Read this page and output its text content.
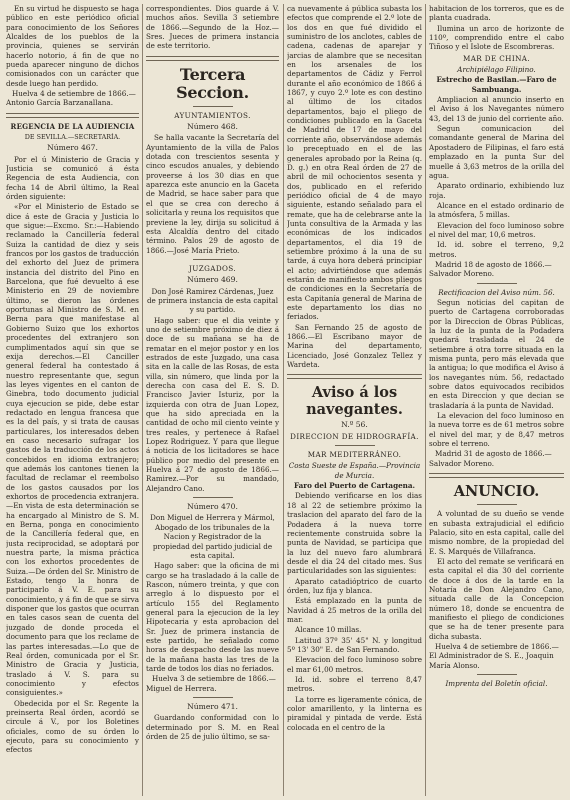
En su virtud he dispuesto se haga público en este periódico oficial para conocimiento de los Señores Alcaldes de los pueblos de la provincia, quienes se servirán hacerlo notorio, á fin de que no pueda aparecer ninguno de dichos comisionados con un carácter que desde luego han perdido.

Huelva 4 de setiembre de 1866.—Antonio García Barzanallana.

REGENCIA DE LA AUDIENCIA
DE SEVILLA.—SECRETARÍA.
Número 467.

Por el ú Ministerio de Gracia y Justicia se comunicó á ésta Regencia de esta Audiencia, con fecha 14 de Abril último, la Real órden siguiente:

«Por el Ministerio de Estado se dice á este de Gracia y Justicia lo que sigue:—Excmo. Sr.:—Habiendo reclamado la Cancillería federal Suiza la cantidad de diez y seis francos por los gastos de traducción del exhorto del Juez de primera instancia del distrito del Pino en Barcelona, que fué devuelto á ese Ministerio en 29 de noviembre último, se dieron las órdenes oportunas al Ministro de S. M. en Berna para que manifestase al Gobierno Suizo que los exhortos procedentes del extranjero son cumplimentados aquí sin que se exija derechos.—El Canciller general federal ha contestado á nuestro representante que, segun las leyes vigentes en el canton de Ginebra, todo documento judicial cuya ejecucion se pide, debe estar redactado en lengua francesa que es la del país, y si trata de causas particulares, los interesados deben en caso necesario sufragar los gastos de la traducción de los actos concebidos en idioma extranjero; que además los cantones tienen la facultad de reclamar el reembolso de los gastos causados por los exhortos de procedencia extranjera.—En vista de esta determinación se ha encargado al Ministro de S. M. en Berna, ponga en conocimiento de la Cancillería federal que, en justa reciprocidad, se adoptará por nuestra parte, la misma práctica con los exhortos procedentes de Suiza.—De órden del Sr. Ministro de Estado, tengo la honra de participarlo á V. E. para su conocimiento, y á fin de que se sirva disponer que los gastos que ocurran en tales casos sean de cuenta del juzgado de donde proceda el documento para que los reclame de las partes interesadas.—Lo que de Real órden, comunicada por el Sr. Ministro de Gracia y Justicia, traslado á V. S. para su conocimiento y efectos consiguientes.»

Obedecida por el Sr. Regente la preinserta Real órden, acordó se circule á V., por los Boletines oficiales, como de su órden lo ejecuto, para su conocimiento y efectos

correspondientes. Dios guarde á V. muchos años. Sevilla 3 setiembre de 1866.—Segundo de la Hoz.—Sres. Jueces de primera instancia de este territorio.

Tercera Seccion.
AYUNTAMIENTOS.
Número 468.

Se halla vacante la Secretaría del Ayuntamiento de la villa de Palos dotada con trescientos sesenta y cinco escudos anuales, y debiendo proveerse á los 30 dias en que aparezca este anuncio en la Gaceta de Madrid, se hace saber para que el que se crea con derecho á solicitarla y reuna los requisitos que previene la ley, dirija su solicitud á esta Alcaldía dentro del citado término. Palos 29 de agosto de 1866.—José María Prieto.

JUZGADOS.
Número 469.

Don José Ramirez Cárdenas, Juez de primera instancia de esta capital y su partido.

Hago saber: que el dia veinte y uno de setiembre próximo de diez á doce de su mañana se ha de rematar en el mejor postor y en los estrados de este Juzgado, una casa sita en la calle de las Rosas, de esta villa, sin número, que linda por la derecha con casa del E. S. D. Francisco Javier Isturiz, por la izquierda con otra de Juan Lopez, que ha sido apreciada en la cantidad de ocho mil ciento veinte y tres reales, y pertenece á Rafael Lopez Rodriguez. Y para que llegue á noticia de los licitadores se hace público por medio del presente en Huelva á 27 de agosto de 1866.—Ramirez.—Por su mandado, Alejandro Cano.

Número 470.

Don Miguel de Herrera y Mármol, Abogado de los tribunales de la Nacion y Registrador de la propiedad del partido judicial de esta capital.

Hago saber: que la oficina de mi cargo se ha trasladado á la calle de Rascon, número treinta, y que con arreglo á lo dispuesto por el artículo 155 del Reglamento general para la ejecucion de la ley Hipotecaria y esta aprobacion del Sr. Juez de primera instancia de este partido, he señalado como horas de despacho desde las nueve de la mañana hasta las tres de la tarde de todos los dias no feriados.

Huelva 3 de setiembre de 1866.—Miguel de Herrera.

Número 471.

Guardando conformidad con lo determinado por S. M. en Real órden de 25 de julio último, se sa-

ca nuevamente á pública subasta los efectos que comprende el 2.º lote de los dos en que fué dividido el suministro de los anclotes, cables de cadena, cadenas de aparejar y jarcias de alambre que se necesitan en los arsenales de los departamentos de Cádiz y Ferrol durante el año económico de 1866 á 1867, y cuyo 2.º lote es con destino al último de los citados departamentos, bajo el pliego de condiciones publicado en la Gaceta de Madrid de 17 de mayo del corriente año, observándose además lo preceptuado en el de las generales aprobado por la Reina (q. D. g.) en otra Real órden de 27 de abril de mil ochocientos sesenta y dos, publicado en el referido periódico oficial de 4 de mayo siguiente, estando señalado para el remate, que ha de celebrarse ante la Junta consultiva de la Armada y las económicas de los indicados departamentos, el dia 19 de setiembre próximo á la una de su tarde, á cuya hora deberá principiar el acto; advirtiéndose que además estarán de manifiesto ambos pliegos de condiciones en la Secretaría de esta Capitanía general de Marina de este departamento los dias no feriados.

San Fernando 25 de agosto de 1866.—El Escribano mayor de Marina del departamento, Licenciado, José Gonzalez Tellez y Wardeta.

Aviso á los navegantes.
N.º 56.
DIRECCION DE HIDROGRAFÍA.
MAR MEDITERRÁNEO.

Costa Sueste de España.—Provincia de Murcia.

Faro del Puerto de Cartagena.

Debiendo verificarse en los dias 18 al 22 de setiembre próximo la traslacion del aparato del faro de la Podadera á la nueva torre recientemente construida sobre la punta de Navidad, se participa que la luz del nuevo faro alumbrará desde el dia 24 del citado mes. Sus particularidades son las siguientes:

Aparato catadióptrico de cuarto órden, luz fija y blanca.

Está emplazado en la punta de Navidad á 25 metros de la orilla del mar.

Alcance 10 millas.

Latitud 37º 35' 45" N. y longitud 5º 13' 30" E. de San Fernando.

Elevacion del foco luminoso sobre el mar 61,00 metros.

Id. id. sobre el terreno 8,47 metros.

La torre es ligeramente cónica, de color amarillento, y la linterna es piramidal y pintada de verde. Está colocada en el centro de la

habitacion de los torreros, que es de planta cuadrada.

Ilumina un arco de horizonte de 110º, comprendido entre el cabo Tiñoso y el Islote de Escombreras.

MAR DE CHINA.

Archipiélago Filipino.

Estrecho de Basilan.—Faro de Sambuanga.

Ampliacion al anuncio inserto en el Aviso á los Navegantes número 43, del 13 de junio del corriente año.

Segun comunicacion del comandante general de Marina del Apostadero de Filipinas, el faro está emplazado en la punta Sur del muelle á 3,63 metros de la orilla del agua.

Aparato ordinario, exhibiendo luz roja.

Alcance en el estado ordinario de la atmósfera, 5 millas.

Elevacion del foco luminoso sobre el nivel del mar, 10,6 metros.

Id. id. sobre el terreno, 9,2 metros.

Madrid 18 de agosto de 1866.—Salvador Moreno.

Rectificacion del Aviso núm. 56.

Segun noticias del capitan de puerto de Cartagena corroboradas por la Direccion de Obras Públicas, la luz de la punta de la Podadera quedará trasladada el 24 de setiembre á otra torre situada en la misma punta, pero más elevada que la antigua; lo que modifica el Aviso á los navegantes núm. 56, redactado sobre datos equivocados recibidos en esta Direccion y que decian se trasladaría á la punta de Navidad.

La elevacion del foco luminoso en la nueva torre es de 61 metros sobre el nivel del mar, y de 8,47 metros sobre el terreno.

Madrid 31 de agosto de 1866.—Salvador Moreno.

ANUNCIO.

A voluntad de su dueño se vende en subasta extrajudicial el edificio Palacio, sito en esta capital, calle del mismo nombre, de la propiedad del E. S. Marqués de Villafranca.

El acto del remate se verificará en esta capital el dia 30 del corriente de doce á dos de la tarde en la Notaría de Don Alejandro Cano, situada calle de la Concepcion número 18, donde se encuentra de manifiesto el pliego de condiciones que se ha de tener presente para dicha subasta.

Huelva 4 de setiembre de 1866.—El Administrador de S. E., Joaquin María Alonso.

Imprenta del Boletín oficial.
